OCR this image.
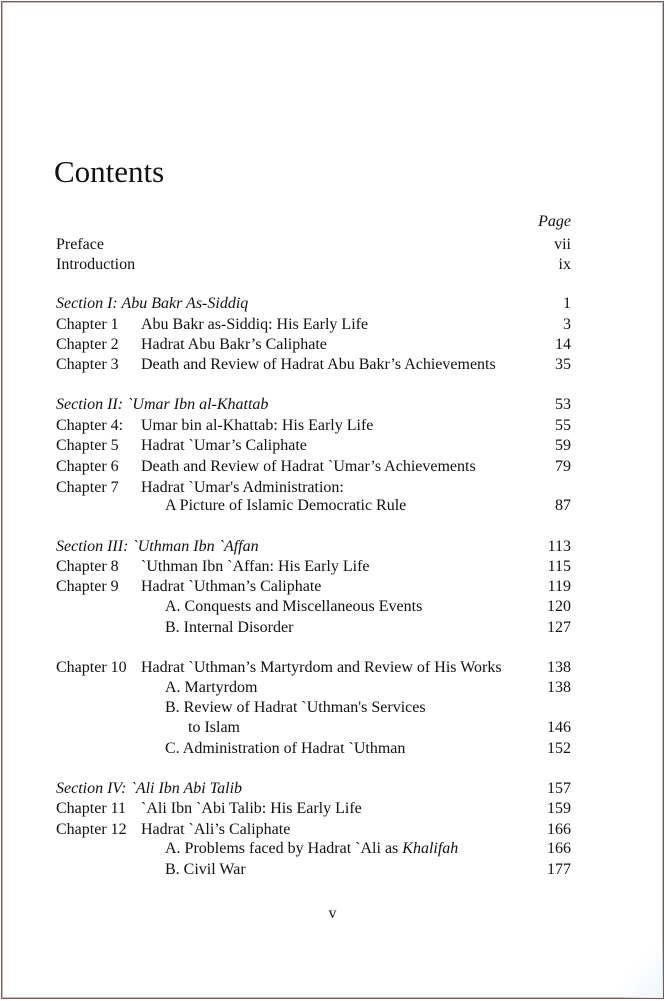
Contents
Page
Preface	vii
Introduction	ix
Section I: Abu Bakr As-Siddiq	1
Chapter 1 Abu Bakr as-Siddiq: His Early Life	3
Chapter 2 Hadrat Abu Bakr’s Caliphate	14
Chapter 3 Death and Review of Hadrat Abu Bakr’s Achievements	35
Section II: `Umar Ibn al-Khattab	53
Chapter 4: Umar bin al-Khattab: His Early Life	55
Chapter 5 Hadrat `Umar’s Caliphate	59
Chapter 6 Death and Review of Hadrat `Umar’s Achievements	79
Chapter 7 Hadrat `Umar's Administration:
A Picture of Islamic Democratic Rule	87
Section III: `Uthman Ibn `Affan	113
Chapter 8 `Uthman Ibn `Affan: His Early Life	115
Chapter 9 Hadrat `Uthman’s Caliphate	119
A. Conquests and Miscellaneous Events	120
B. Internal Disorder	127
Chapter 10 Hadrat `Uthman’s Martyrdom and Review of His Works	138
A. Martyrdom	138
B. Review of Hadrat `Uthman's Services
to Islam	146
C. Administration of Hadrat `Uthman	152
Section IV: `Ali Ibn Abi Talib	157
Chapter 11 `Ali Ibn `Abi Talib: His Early Life	159
Chapter 12 Hadrat `Ali’s Caliphate	166
A. Problems faced by Hadrat `Ali as Khalifah	166
B. Civil War	177
v
